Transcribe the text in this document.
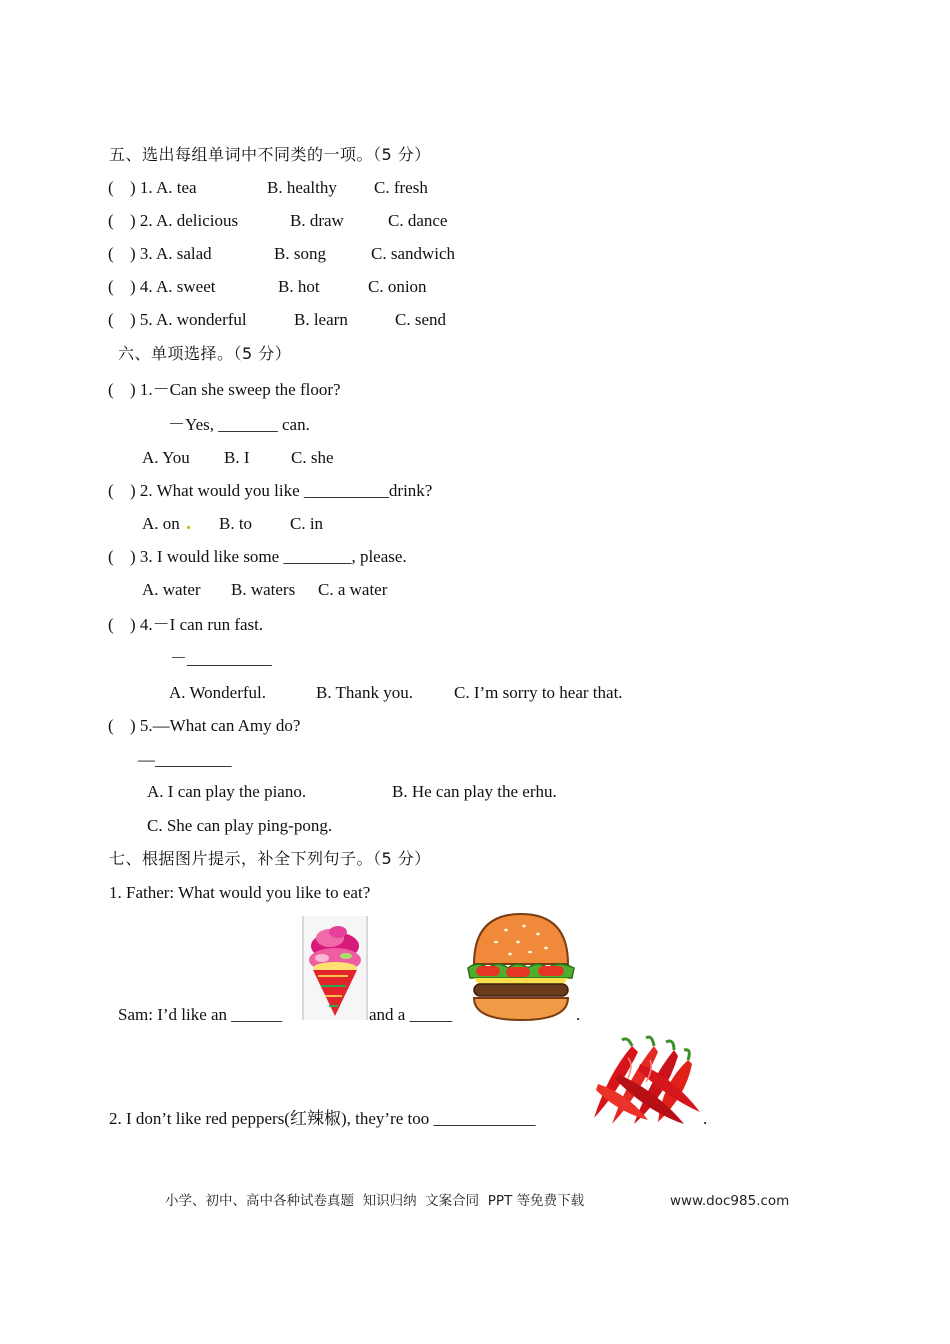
五、选出每组单词中不同类的一项。（5 分）
( ) 1. A. tea	B. healthy C. fresh
( ) 2. A. delicious	B. draw	C. dance
( ) 3. A. salad	B. song	C. sandwich
( ) 4. A. sweet	B. hot	C. onion
( ) 5. A. wonderful	B. learn	C. send
六、单项选择。（5 分）
( ) 1.－Can she sweep the floor?
－Yes, _______ can.
A. You B. I C. she
( ) 2. What would you like __________drink?
A. on B. to C. in
( ) 3. I would like some ________, please.
A. water B. waters C. a water
( ) 4.－I can run fast.
－__________
A. Wonderful.	B. Thank you. C. I’m sorry to hear that.
( ) 5.—What can Amy do?
—_________
A. I can play the piano.	B. He can play the erhu.
C. She can play ping-pong.
七、根据图片提示，补全下列句子。（5 分）
1. Father: What would you like to eat?
Sam: I’d like an ______	and a _____	.
2. I don’t like red peppers(红辣椒), they’re too ____________	.
小学、初中、高中各种试卷真题  知识归纳  文案合同  PPT 等免费下载	www.doc985.com
